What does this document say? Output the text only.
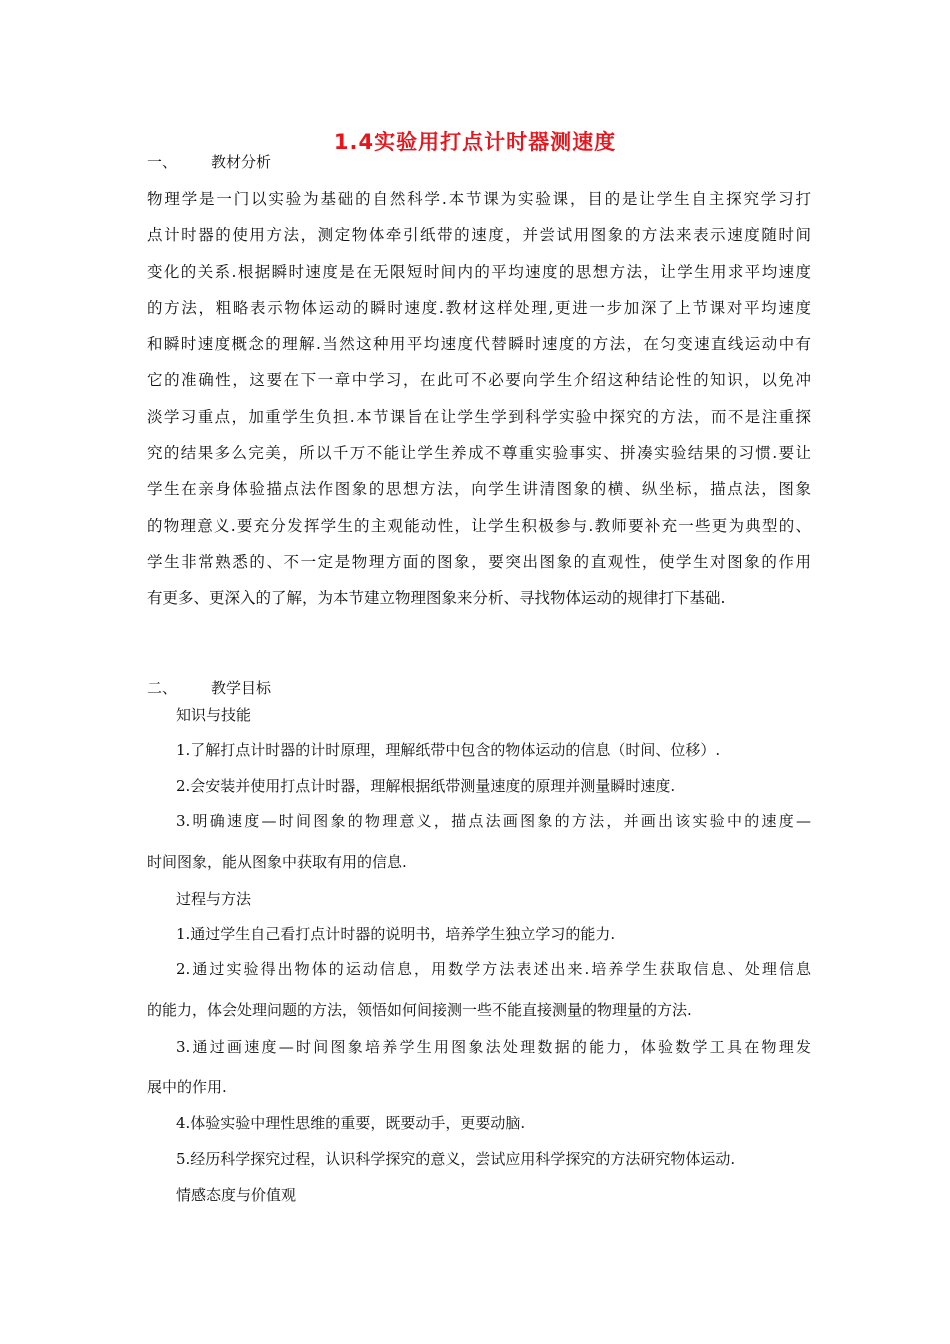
1.4实验用打点计时器测速度
一、 教材分析
物理学是一门以实验为基础的自然科学.本节课为实验课，目的是让学生自主探究学习打
点计时器的使用方法，测定物体牵引纸带的速度，并尝试用图象的方法来表示速度随时间
变化的关系.根据瞬时速度是在无限短时间内的平均速度的思想方法，让学生用求平均速度
的方法，粗略表示物体运动的瞬时速度.教材这样处理,更进一步加深了上节课对平均速度
和瞬时速度概念的理解.当然这种用平均速度代替瞬时速度的方法，在匀变速直线运动中有
它的准确性，这要在下一章中学习，在此可不必要向学生介绍这种结论性的知识，以免冲
淡学习重点，加重学生负担.本节课旨在让学生学到科学实验中探究的方法，而不是注重探
究的结果多么完美，所以千万不能让学生养成不尊重实验事实、拼凑实验结果的习惯.要让
学生在亲身体验描点法作图象的思想方法，向学生讲清图象的横、纵坐标，描点法，图象
的物理意义.要充分发挥学生的主观能动性，让学生积极参与.教师要补充一些更为典型的、
学生非常熟悉的、不一定是物理方面的图象，要突出图象的直观性，使学生对图象的作用
有更多、更深入的了解，为本节建立物理图象来分析、寻找物体运动的规律打下基础.
二、 教学目标
知识与技能
1.了解打点计时器的计时原理，理解纸带中包含的物体运动的信息（时间、位移）.
2.会安装并使用打点计时器，理解根据纸带测量速度的原理并测量瞬时速度.
3.明确速度—时间图象的物理意义，描点法画图象的方法，并画出该实验中的速度—
时间图象，能从图象中获取有用的信息.
过程与方法
1.通过学生自己看打点计时器的说明书，培养学生独立学习的能力.
2.通过实验得出物体的运动信息，用数学方法表述出来.培养学生获取信息、处理信息
的能力，体会处理问题的方法，领悟如何间接测一些不能直接测量的物理量的方法.
3.通过画速度—时间图象培养学生用图象法处理数据的能力，体验数学工具在物理发
展中的作用.
4.体验实验中理性思维的重要，既要动手，更要动脑.
5.经历科学探究过程，认识科学探究的意义，尝试应用科学探究的方法研究物体运动.
情感态度与价值观
